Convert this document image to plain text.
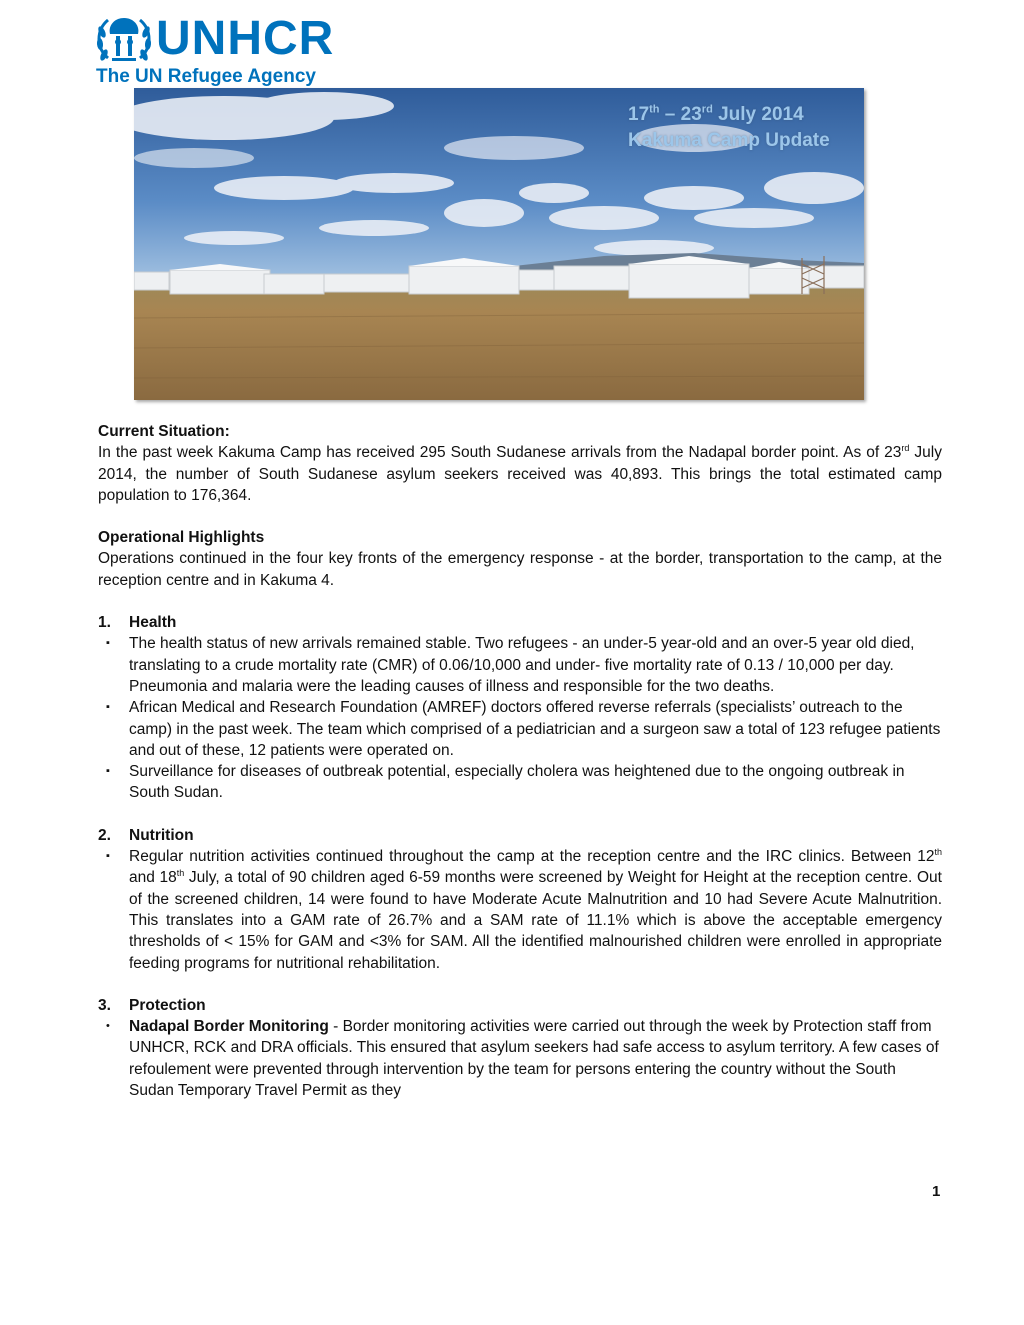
UNHCR
The UN Refugee Agency
17th – 23rd July 2014
Kakuma Camp Update

Current Situation:

In the past week Kakuma Camp has received 295 South Sudanese arrivals from the Nadapal border point. As of 23rd July 2014, the number of South Sudanese asylum seekers received was 40,893. This brings the total estimated camp population to 176,364.

Operational Highlights

Operations continued in the four key fronts of the emergency response - at the border, transportation to the camp, at the reception centre and in Kakuma 4.

1.	Health

▪ The health status of new arrivals remained stable. Two refugees - an under-5 year-old and an over-5 year old died, translating to a crude mortality rate (CMR) of 0.06/10,000 and under- five mortality rate of 0.13 / 10,000 per day. Pneumonia and malaria were the leading causes of illness and responsible for the two deaths.
▪ African Medical and Research Foundation (AMREF) doctors offered reverse referrals (specialists’ outreach to the camp) in the past week. The team which comprised of a pediatrician and a surgeon saw a total of 123 refugee patients and out of these, 12 patients were operated on.
▪ Surveillance for diseases of outbreak potential, especially cholera was heightened due to the ongoing outbreak in South Sudan.

2.	Nutrition

▪ Regular nutrition activities continued throughout the camp at the reception centre and the IRC clinics. Between 12th and 18th July, a total of 90 children aged 6-59 months were screened by Weight for Height at the reception centre. Out of the screened children, 14 were found to have Moderate Acute Malnutrition and 10 had Severe Acute Malnutrition. This translates into a GAM rate of 26.7% and a SAM rate of 11.1% which is above the acceptable emergency thresholds of < 15% for GAM and <3% for SAM. All the identified malnourished children were enrolled in appropriate feeding programs for nutritional rehabilitation.

3.	Protection

• Nadapal Border Monitoring - Border monitoring activities were carried out through the week by Protection staff from UNHCR, RCK and DRA officials. This ensured that asylum seekers had safe access to asylum territory. A few cases of refoulement were prevented through intervention by the team for persons entering the country without the South Sudan Temporary Travel Permit as they
1
